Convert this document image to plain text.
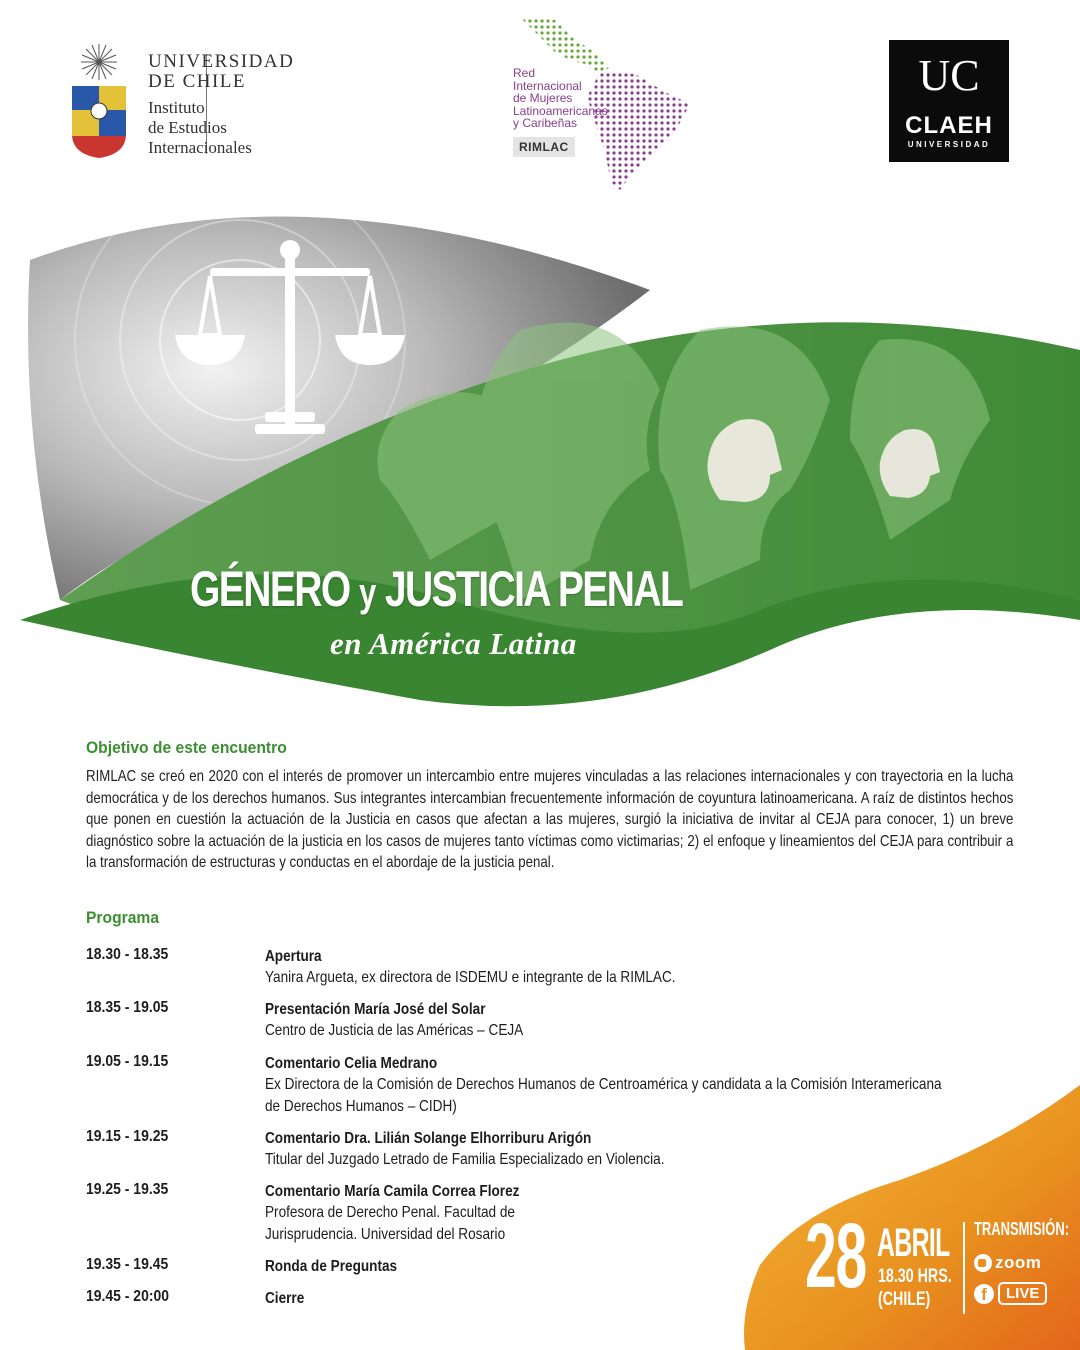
UNIVERSIDAD
DE CHILE
Instituto
de Estudios
Internacionales
Red
Internacional
de Mujeres
Latinoamericanas
y Caribeñas
RIMLAC
UC
CLAEH
UNIVERSIDAD
GÉNERO y JUSTICIA PENAL
en América Latina
Objetivo de este encuentro
RIMLAC se creó en 2020 con el interés de promover un intercambio entre mujeres vinculadas a las relaciones internacionales y con trayectoria en la lucha democrática y de los derechos humanos. Sus integrantes intercambian frecuentemente información de coyuntura latinoamericana. A raíz de distintos hechos que ponen en cuestión la actuación de la Justicia en casos que afectan a las mujeres, surgió la iniciativa de invitar al CEJA para conocer, 1) un breve diagnóstico sobre la actuación de la justicia en los casos de mujeres tanto víctimas como victimarias; 2) el enfoque y lineamientos del CEJA para contribuir a la transformación de estructuras y conductas en el abordaje de la justicia penal.
Programa
18.30 - 18.35	Apertura
Yanira Argueta, ex directora de ISDEMU e integrante de la RIMLAC.
18.35 - 19.05	Presentación María José del Solar
Centro de Justicia de las Américas – CEJA
19.05 - 19.15	Comentario Celia Medrano
Ex Directora de la Comisión de Derechos Humanos de Centroamérica y candidata a la Comisión Interamericana de Derechos Humanos – CIDH)
19.15 - 19.25	Comentario Dra. Lilián Solange Elhorriburu Arigón
Titular del Juzgado Letrado de Familia Especializado en Violencia.
19.25 - 19.35	Comentario María Camila Correa Florez
Profesora de Derecho Penal. Facultad de Jurisprudencia. Universidad del Rosario
19.35 - 19.45	Ronda de Preguntas
19.45 - 20:00	Cierre	28 ABRIL
18.30 HRS.
(CHILE)
TRANSMISIÓN:
zoom
f LIVE
